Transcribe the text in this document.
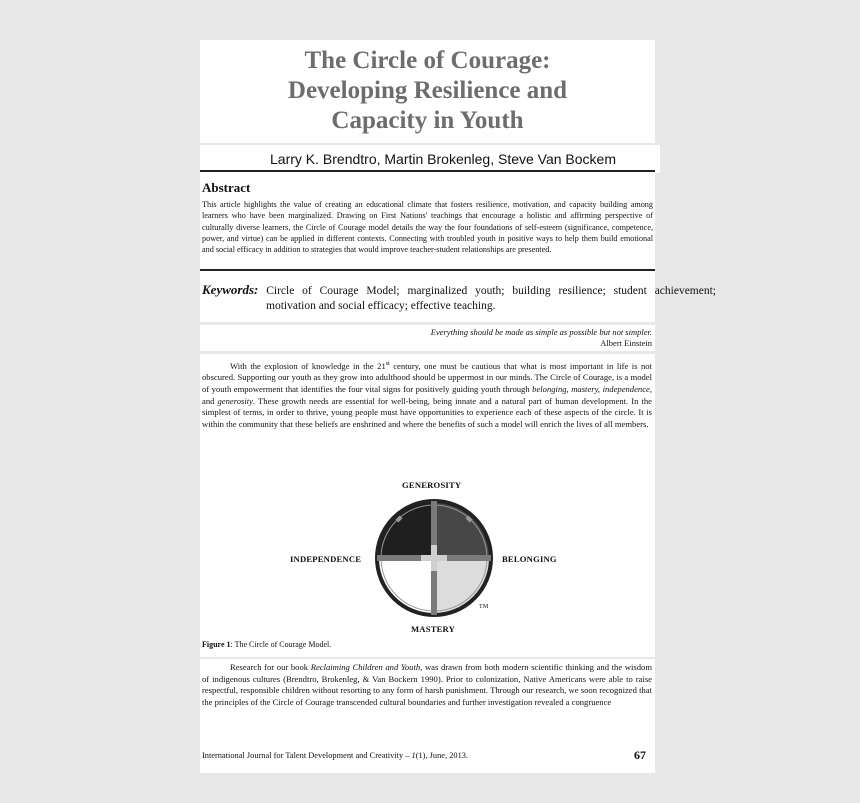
The Circle of Courage:
Developing Resilience and
Capacity in Youth
Larry K. Brendtro, Martin Brokenleg, Steve Van Bockem
Abstract
This article highlights the value of creating an educational climate that fosters resilience, motivation, and capacity building among learners who have been marginalized. Drawing on First Nations' teachings that encourage a holistic and affirming perspective of culturally diverse learners, the Circle of Courage model details the way the four foundations of self-esteem (significance, competence, power, and virtue) can be applied in different contexts. Connecting with troubled youth in positive ways to help them build emotional and social efficacy in addition to strategies that would improve teacher-student relationships are presented.
Keywords: Circle of Courage Model; marginalized youth; building resilience; student achievement; motivation and social efficacy; effective teaching.
Everything should be made as simple as possible but not simpler.
Albert Einstein

With the explosion of knowledge in the 21st century, one must be cautious that what is most important in life is not obscured. Supporting our youth as they grow into adulthood should be uppermost in our minds. The Circle of Courage, is a model of youth empowerment that identifies the four vital signs for positively guiding youth through belonging, mastery, independence, and generosity. These growth needs are essential for well-being, being innate and a natural part of human development. In the simplest of terms, in order to thrive, young people must have opportunities to experience each of these aspects of the circle. It is within the community that these beliefs are enshrined and where the benefits of such a model will enrich the lives of all members.

GENEROSITY
INDEPENDENCE	BELONGING
MASTERY
TM
Figure 1: The Circle of Courage Model.

Research for our book Reclaiming Children and Youth, was drawn from both modern scientific thinking and the wisdom of indigenous cultures (Brendtro, Brokenleg, & Van Bockern 1990). Prior to colonization, Native Americans were able to raise respectful, responsible children without resorting to any form of harsh punishment. Through our research, we soon recognized that the principles of the Circle of Courage transcended cultural boundaries and further investigation revealed a congruence

International Journal for Talent Development and Creativity – 1(1), June, 2013.	67
